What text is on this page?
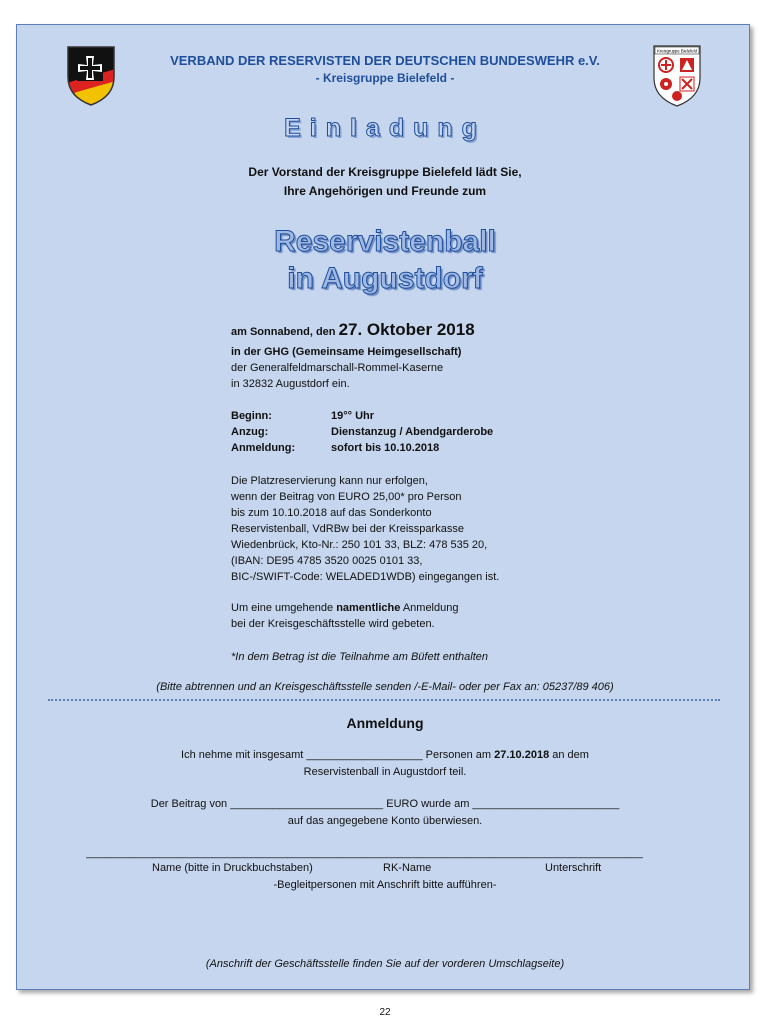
Kreisgruppe Bielefeld
VERBAND DER RESERVISTEN DER DEUTSCHEN BUNDESWEHR e.V.
- Kreisgruppe Bielefeld -
Einladung
Der Vorstand der Kreisgruppe Bielefeld lädt Sie,
Ihre Angehörigen und Freunde zum
Reservistenball
in Augustdorf
am Sonnabend, den 27. Oktober 2018
in der GHG (Gemeinsame Heimgesellschaft)
der Generalfeldmarschall-Rommel-Kaserne
in 32832 Augustdorf ein.
Beginn:	19°° Uhr
Anzug:	Dienstanzug / Abendgarderobe
Anmeldung:	sofort bis 10.10.2018
Die Platzreservierung kann nur erfolgen,
wenn der Beitrag von EURO 25,00* pro Person
bis zum 10.10.2018 auf das Sonderkonto
Reservistenball, VdRBw bei der Kreissparkasse
Wiedenbrück, Kto-Nr.: 250 101 33, BLZ: 478 535 20,
(IBAN: DE95 4785 3520 0025 0101 33,
BIC-/SWIFT-Code: WELADED1WDB) eingegangen ist.
Um eine umgehende namentliche Anmeldung
bei der Kreisgeschäftsstelle wird gebeten.
*In dem Betrag ist die Teilnahme am Büfett enthalten
(Bitte abtrennen und an Kreisgeschäftsstelle senden /-E-Mail- oder per Fax an: 05237/89 406)
Anmeldung
Ich nehme mit insgesamt ___________________ Personen am 27.10.2018 an dem
Reservistenball in Augustdorf teil.
Der Beitrag von _________________________ EURO wurde am ________________________
auf das angegebene Konto überwiesen.
___________________________________________________________________________________________
Name (bitte in Druckbuchstaben)	RK-Name	Unterschrift
-Begleitpersonen mit Anschrift bitte aufführen-
(Anschrift der Geschäftsstelle finden Sie auf der vorderen Umschlagseite)
22
